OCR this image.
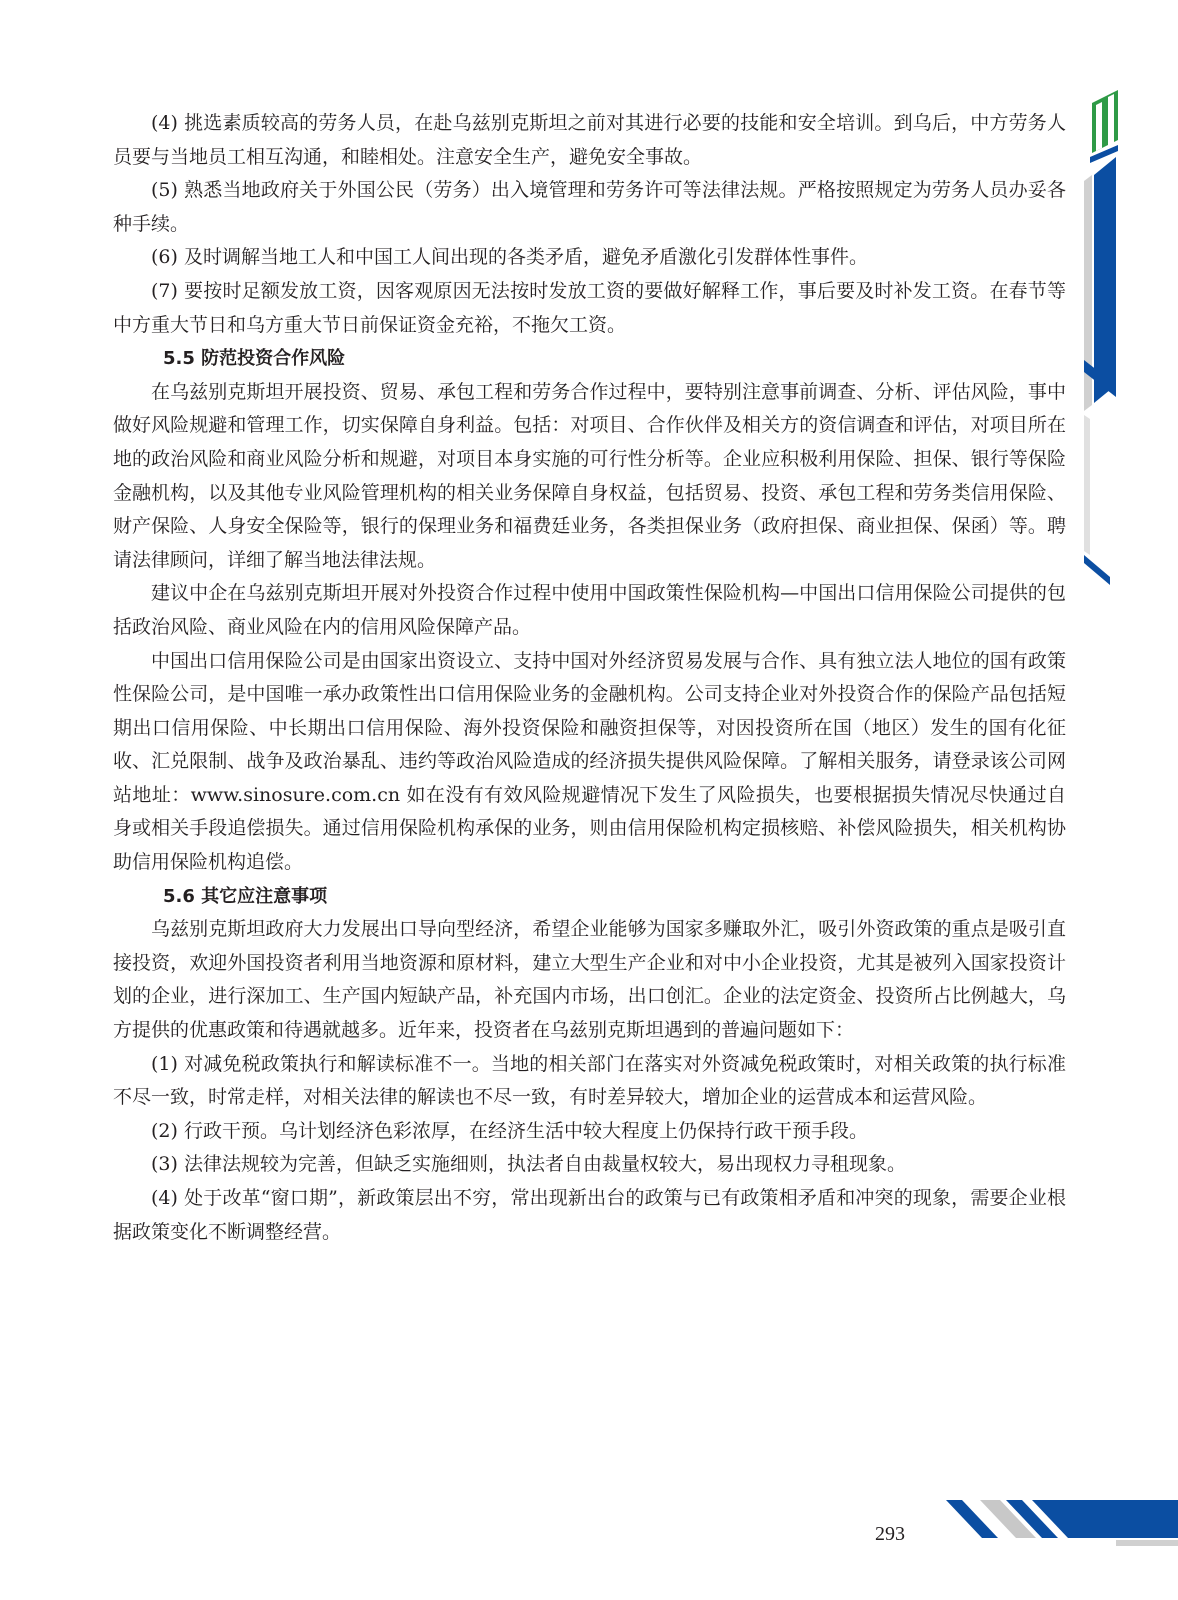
(4) 挑选素质较高的劳务人员，在赴乌兹别克斯坦之前对其进行必要的技能和安全培训。到乌后，中方劳务人员要与当地员工相互沟通，和睦相处。注意安全生产，避免安全事故。

(5) 熟悉当地政府关于外国公民（劳务）出入境管理和劳务许可等法律法规。严格按照规定为劳务人员办妥各种手续。

(6) 及时调解当地工人和中国工人间出现的各类矛盾，避免矛盾激化引发群体性事件。

(7) 要按时足额发放工资，因客观原因无法按时发放工资的要做好解释工作，事后要及时补发工资。在春节等中方重大节日和乌方重大节日前保证资金充裕，不拖欠工资。

5.5 防范投资合作风险

在乌兹别克斯坦开展投资、贸易、承包工程和劳务合作过程中，要特别注意事前调查、分析、评估风险，事中做好风险规避和管理工作，切实保障自身利益。包括：对项目、合作伙伴及相关方的资信调查和评估，对项目所在地的政治风险和商业风险分析和规避，对项目本身实施的可行性分析等。企业应积极利用保险、担保、银行等保险金融机构，以及其他专业风险管理机构的相关业务保障自身权益，包括贸易、投资、承包工程和劳务类信用保险、财产保险、人身安全保险等，银行的保理业务和福费廷业务，各类担保业务（政府担保、商业担保、保函）等。聘请法律顾问，详细了解当地法律法规。

建议中企在乌兹别克斯坦开展对外投资合作过程中使用中国政策性保险机构—中国出口信用保险公司提供的包括政治风险、商业风险在内的信用风险保障产品。

中国出口信用保险公司是由国家出资设立、支持中国对外经济贸易发展与合作、具有独立法人地位的国有政策性保险公司，是中国唯一承办政策性出口信用保险业务的金融机构。公司支持企业对外投资合作的保险产品包括短期出口信用保险、中长期出口信用保险、海外投资保险和融资担保等，对因投资所在国（地区）发生的国有化征收、汇兑限制、战争及政治暴乱、违约等政治风险造成的经济损失提供风险保障。了解相关服务，请登录该公司网站地址：www.sinosure.com.cn 如在没有有效风险规避情况下发生了风险损失，也要根据损失情况尽快通过自身或相关手段追偿损失。通过信用保险机构承保的业务，则由信用保险机构定损核赔、补偿风险损失，相关机构协助信用保险机构追偿。

5.6 其它应注意事项

乌兹别克斯坦政府大力发展出口导向型经济，希望企业能够为国家多赚取外汇，吸引外资政策的重点是吸引直接投资，欢迎外国投资者利用当地资源和原材料，建立大型生产企业和对中小企业投资，尤其是被列入国家投资计划的企业，进行深加工、生产国内短缺产品，补充国内市场，出口创汇。企业的法定资金、投资所占比例越大，乌方提供的优惠政策和待遇就越多。近年来，投资者在乌兹别克斯坦遇到的普遍问题如下：

(1) 对减免税政策执行和解读标准不一。当地的相关部门在落实对外资减免税政策时，对相关政策的执行标准不尽一致，时常走样，对相关法律的解读也不尽一致，有时差异较大，增加企业的运营成本和运营风险。

(2) 行政干预。乌计划经济色彩浓厚，在经济生活中较大程度上仍保持行政干预手段。

(3) 法律法规较为完善，但缺乏实施细则，执法者自由裁量权较大，易出现权力寻租现象。

(4) 处于改革“窗口期”，新政策层出不穷，常出现新出台的政策与已有政策相矛盾和冲突的现象，需要企业根据政策变化不断调整经营。

293
